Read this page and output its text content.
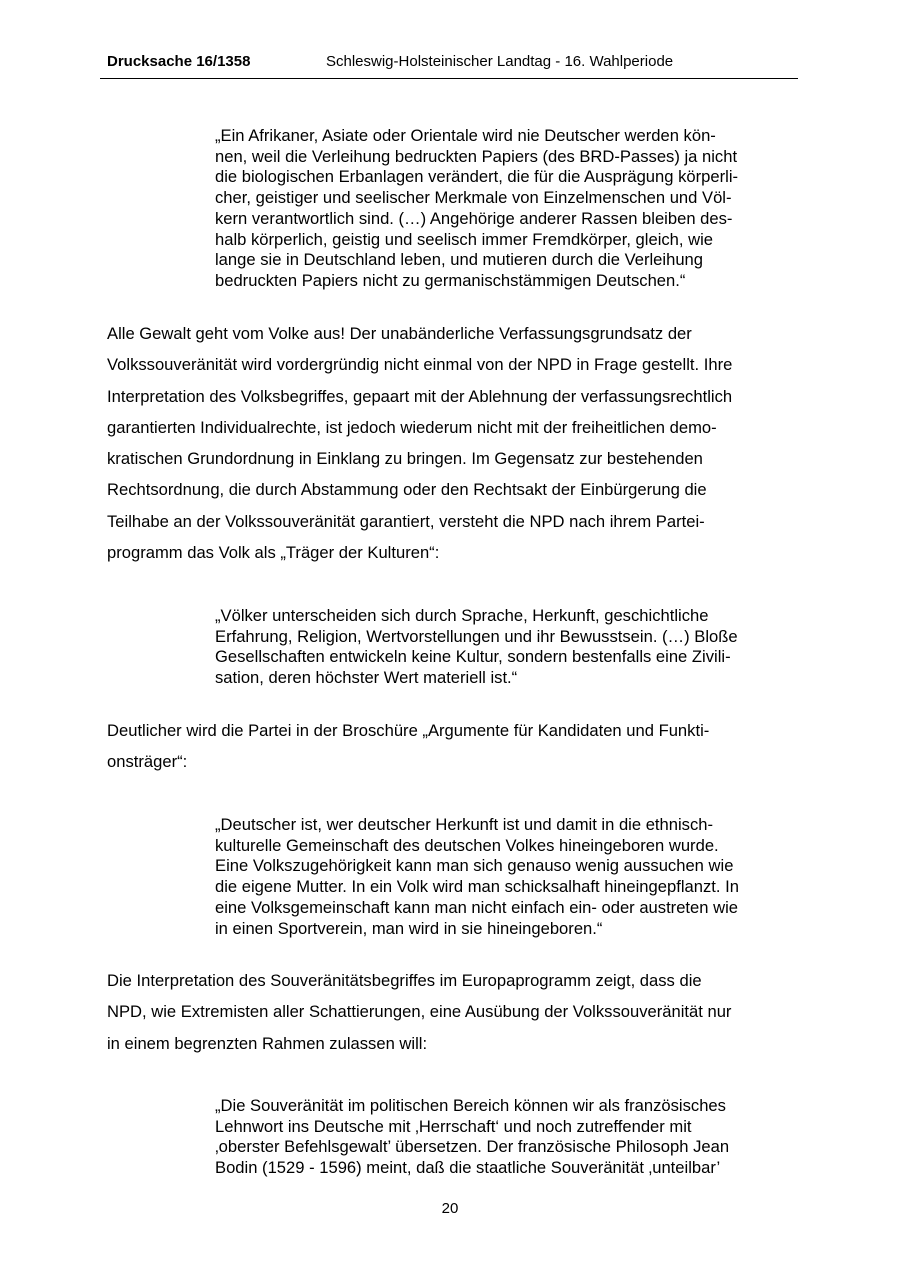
Drucksache 16/1358	Schleswig-Holsteinischer Landtag - 16. Wahlperiode
„Ein Afrikaner, Asiate oder Orientale wird nie Deutscher werden kön-
nen, weil die Verleihung bedruckten Papiers (des BRD-Passes) ja nicht
die biologischen Erbanlagen verändert, die für die Ausprägung körperli-
cher, geistiger und seelischer Merkmale von Einzelmenschen und Völ-
kern verantwortlich sind. (…) Angehörige anderer Rassen bleiben des-
halb körperlich, geistig und seelisch immer Fremdkörper, gleich, wie
lange sie in Deutschland leben, und mutieren durch die Verleihung
bedruckten Papiers nicht zu germanischstämmigen Deutschen.“
Alle Gewalt geht vom Volke aus! Der unabänderliche Verfassungsgrundsatz der
Volkssouveränität wird vordergründig nicht einmal von der NPD in Frage gestellt. Ihre
Interpretation des Volksbegriffes, gepaart mit der Ablehnung der verfassungsrechtlich
garantierten Individualrechte, ist jedoch wiederum nicht mit der freiheitlichen demo-
kratischen Grundordnung in Einklang zu bringen. Im Gegensatz zur bestehenden
Rechtsordnung, die durch Abstammung oder den Rechtsakt der Einbürgerung die
Teilhabe an der Volkssouveränität garantiert, versteht die NPD nach ihrem Partei-
programm das Volk als „Träger der Kulturen“:
„Völker unterscheiden sich durch Sprache, Herkunft, geschichtliche
Erfahrung, Religion, Wertvorstellungen und ihr Bewusstsein. (…) Bloße
Gesellschaften entwickeln keine Kultur, sondern bestenfalls eine Zivili-
sation, deren höchster Wert materiell ist.“
Deutlicher wird die Partei in der Broschüre „Argumente für Kandidaten und Funkti-
onsträger“:
„Deutscher ist, wer deutscher Herkunft ist und damit in die ethnisch-
kulturelle Gemeinschaft des deutschen Volkes hineingeboren wurde.
Eine Volkszugehörigkeit kann man sich genauso wenig aussuchen wie
die eigene Mutter. In ein Volk wird man schicksalhaft hineingepflanzt. In
eine Volksgemeinschaft kann man nicht einfach ein- oder austreten wie
in einen Sportverein, man wird in sie hineingeboren.“
Die Interpretation des Souveränitätsbegriffes im Europaprogramm zeigt, dass die
NPD, wie Extremisten aller Schattierungen, eine Ausübung der Volkssouveränität nur
in einem begrenzten Rahmen zulassen will:
„Die Souveränität im politischen Bereich können wir als französisches
Lehnwort ins Deutsche mit ‚Herrschaft‘ und noch zutreffender mit
‚oberster Befehlsgewalt’ übersetzen. Der französische Philosoph Jean
Bodin (1529 - 1596) meint, daß die staatliche Souveränität ‚unteilbar’
20
